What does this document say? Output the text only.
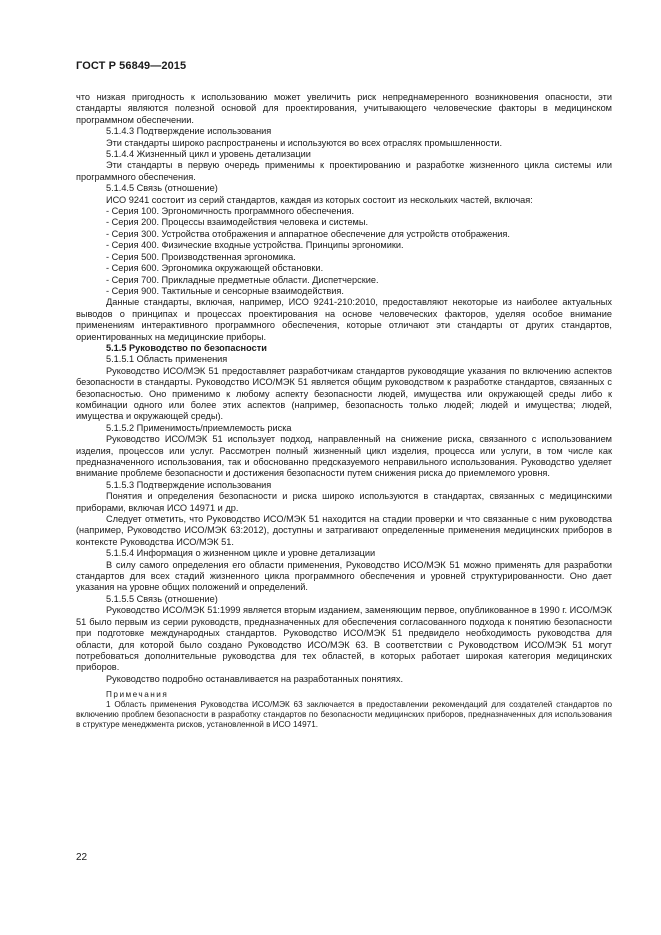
ГОСТ Р 56849—2015

что низкая пригодность к использованию может увеличить риск непреднамеренного возникновения опасности, эти стандарты являются полезной основой для проектирования, учитывающего человеческие факторы в медицинском программном обеспечении.

5.1.4.3 Подтверждение использования

Эти стандарты широко распространены и используются во всех отраслях промышленности.

5.1.4.4 Жизненный цикл и уровень детализации

Эти стандарты в первую очередь применимы к проектированию и разработке жизненного цикла системы или программного обеспечения.

5.1.4.5 Связь (отношение)

ИСО 9241 состоит из серий стандартов, каждая из которых состоит из нескольких частей, включая:

- Серия 100. Эргономичность программного обеспечения.

- Серия 200. Процессы взаимодействия человека и системы.

- Серия 300. Устройства отображения и аппаратное обеспечение для устройств отображения.

- Серия 400. Физические входные устройства. Принципы эргономики.

- Серия 500. Производственная эргономика.

- Серия 600. Эргономика окружающей обстановки.

- Серия 700. Прикладные предметные области. Диспетчерские.

- Серия 900. Тактильные и сенсорные взаимодействия.

Данные стандарты, включая, например, ИСО 9241-210:2010, предоставляют некоторые из наиболее актуальных выводов о принципах и процессах проектирования на основе человеческих факторов, уделяя особое внимание применениям интерактивного программного обеспечения, которые отличают эти стандарты от других стандартов, ориентированных на медицинские приборы.

5.1.5 Руководство по безопасности

5.1.5.1 Область применения

Руководство ИСО/МЭК 51 предоставляет разработчикам стандартов руководящие указания по включению аспектов безопасности в стандарты. Руководство ИСО/МЭК 51 является общим руководством к разработке стандартов, связанных с безопасностью. Оно применимо к любому аспекту безопасности людей, имущества или окружающей среды либо к комбинации одного или более этих аспектов (например, безопасность только людей; людей и имущества; людей, имущества и окружающей среды).

5.1.5.2 Применимость/приемлемость риска

Руководство ИСО/МЭК 51 использует подход, направленный на снижение риска, связанного с использованием изделия, процессов или услуг. Рассмотрен полный жизненный цикл изделия, процесса или услуги, в том числе как предназначенного использования, так и обоснованно предсказуемого неправильного использования. Руководство уделяет внимание проблеме безопасности и достижения безопасности путем снижения риска до приемлемого уровня.

5.1.5.3 Подтверждение использования

Понятия и определения безопасности и риска широко используются в стандартах, связанных с медицинскими приборами, включая ИСО 14971 и др.

Следует отметить, что Руководство ИСО/МЭК 51 находится на стадии проверки и что связанные с ним руководства (например, Руководство ИСО/МЭК 63:2012), доступны и затрагивают определенные применения медицинских приборов в контексте Руководства ИСО/МЭК 51.

5.1.5.4 Информация о жизненном цикле и уровне детализации

В силу самого определения его области применения, Руководство ИСО/МЭК 51 можно применять для разработки стандартов для всех стадий жизненного цикла программного обеспечения и уровней структурированности. Оно дает указания на уровне общих положений и определений.

5.1.5.5 Связь (отношение)

Руководство ИСО/МЭК 51:1999 является вторым изданием, заменяющим первое, опубликованное в 1990 г. ИСО/МЭК 51 было первым из серии руководств, предназначенных для обеспечения согласованного подхода к понятию безопасности при подготовке международных стандартов. Руководство ИСО/МЭК 51 предвидело необходимость руководства для области, для которой было создано Руководство ИСО/МЭК 63. В соответствии с Руководством ИСО/МЭК 51 могут потребоваться дополнительные руководства для тех областей, в которых работает широкая категория медицинских приборов.

Руководство подробно останавливается на разработанных понятиях.

Примечания

1 Область применения Руководства ИСО/МЭК 63 заключается в предоставлении рекомендаций для создателей стандартов по включению проблем безопасности в разработку стандартов по безопасности медицинских приборов, предназначенных для использования в структуре менеджмента рисков, установленной в ИСО 14971.

22
